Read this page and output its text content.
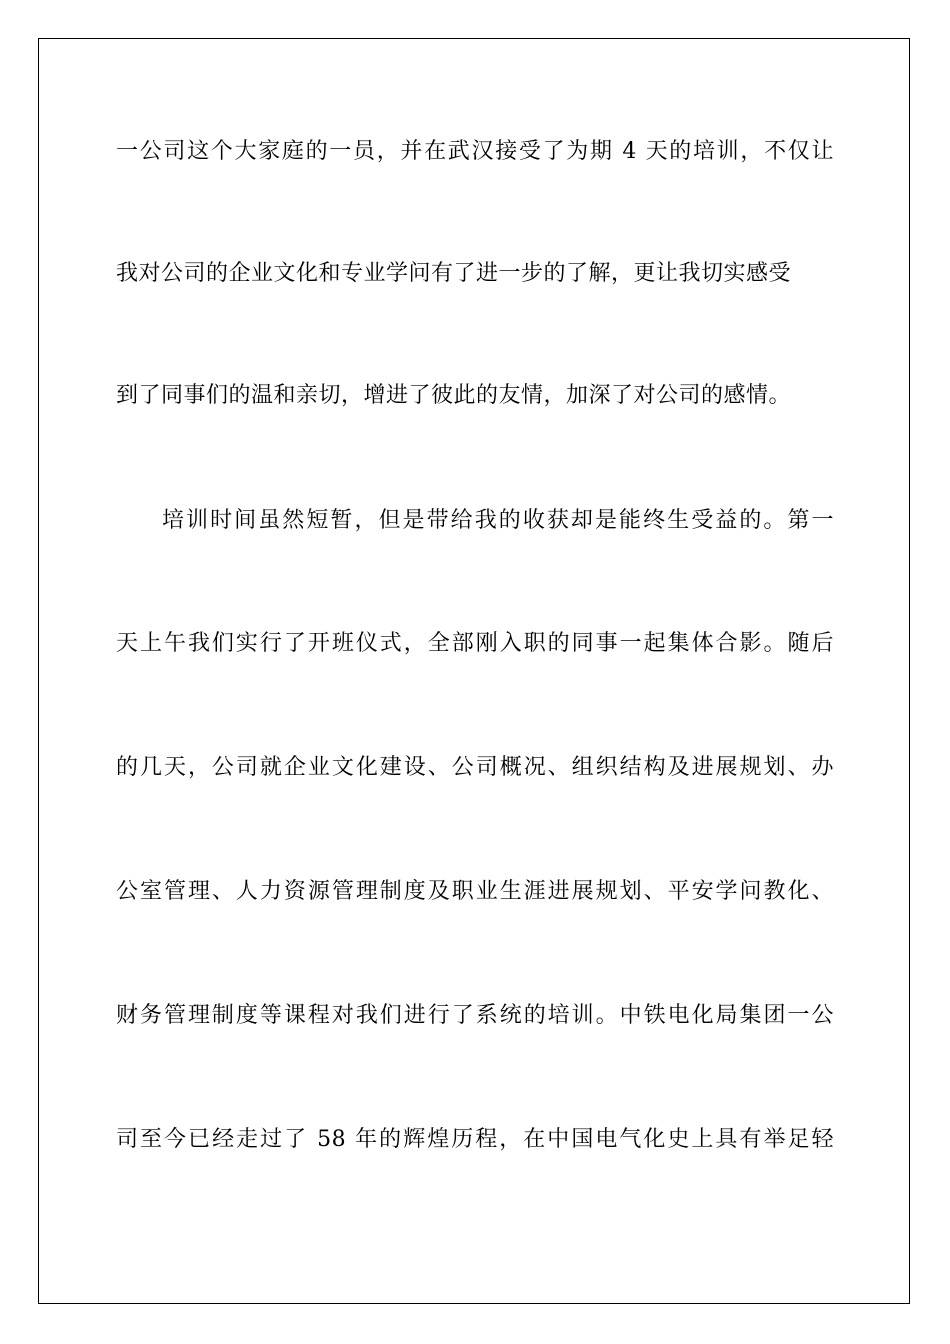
一公司这个大家庭的一员，并在武汉接受了为期 4 天的培训，不仅让
我对公司的企业文化和专业学问有了进一步的了解，更让我切实感受
到了同事们的温和亲切，增进了彼此的友情，加深了对公司的感情。
培训时间虽然短暂，但是带给我的收获却是能终生受益的。第一
天上午我们实行了开班仪式，全部刚入职的同事一起集体合影。随后
的几天，公司就企业文化建设、公司概况、组织结构及进展规划、办
公室管理、人力资源管理制度及职业生涯进展规划、平安学问教化、
财务管理制度等课程对我们进行了系统的培训。中铁电化局集团一公
司至今已经走过了 58 年的辉煌历程，在中国电气化史上具有举足轻
